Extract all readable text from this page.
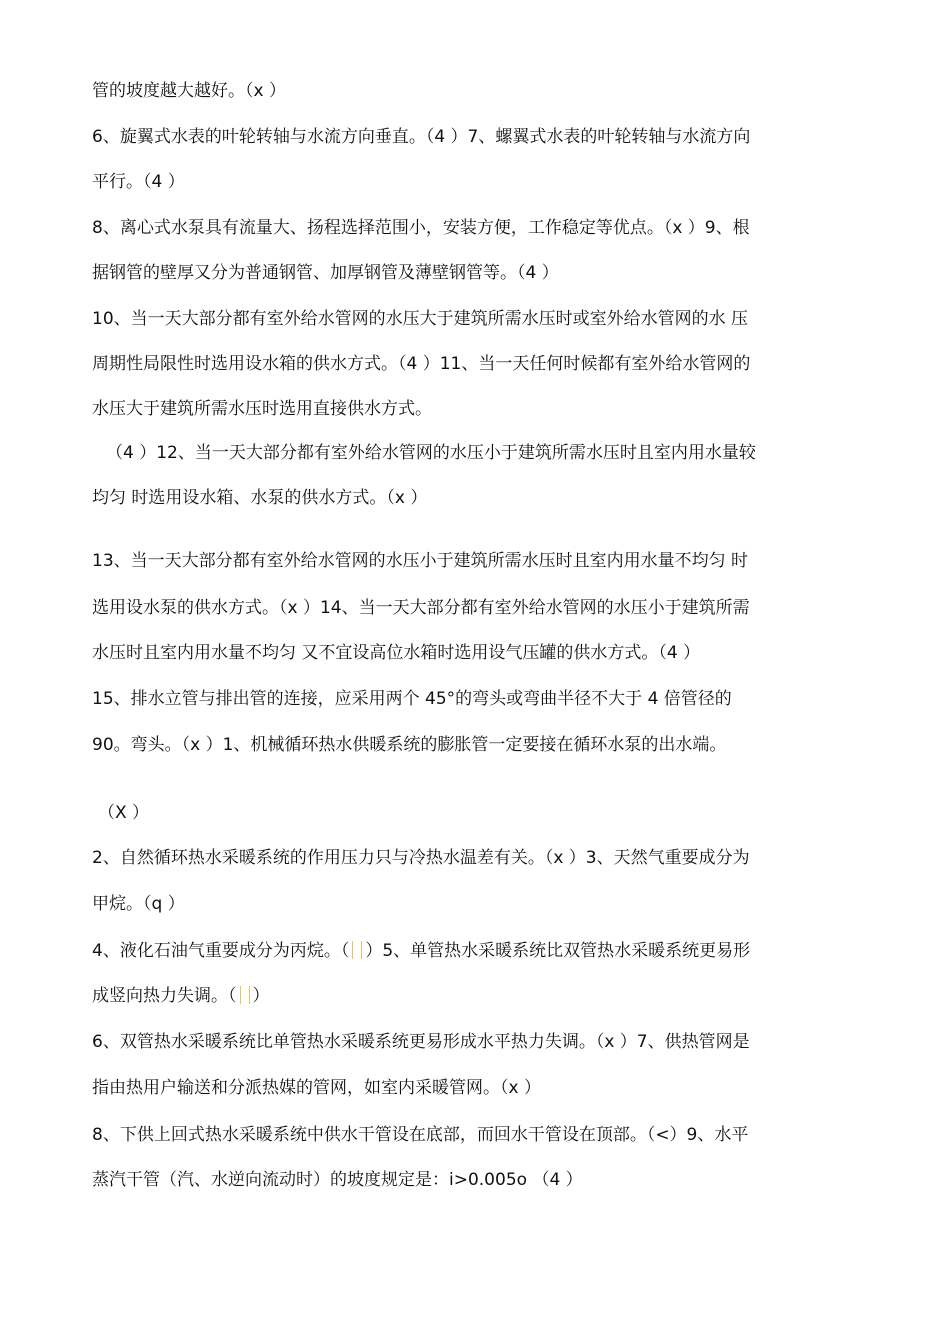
管的坡度越大越好。（x ）
6、旋翼式水表的叶轮转轴与水流方向垂直。（4 ）7、螺翼式水表的叶轮转轴与水流方向
平行。（4 ）
8、离心式水泵具有流量大、扬程选择范围小，安装方便，工作稳定等优点。（x ）9、根
据钢管的壁厚又分为普通钢管、加厚钢管及薄壁钢管等。（4 ）
10、当一天大部分都有室外给水管网的水压大于建筑所需水压时或室外给水管网的水 压
周期性局限性时选用设水箱的供水方式。（4 ）11、当一天任何时候都有室外给水管网的
水压大于建筑所需水压时选用直接供水方式。
（4 ）12、当一天大部分都有室外给水管网的水压小于建筑所需水压时且室内用水量较
均匀 时选用设水箱、水泵的供水方式。（x ）
13、当一天大部分都有室外给水管网的水压小于建筑所需水压时且室内用水量不均匀 时
选用设水泵的供水方式。（x ）14、当一天大部分都有室外给水管网的水压小于建筑所需
水压时且室内用水量不均匀 又不宜设高位水箱时选用设气压罐的供水方式。（4 ）
15、排水立管与排出管的连接，应采用两个 45°的弯头或弯曲半径不大于 4 倍管径的
90。弯头。（x ）1、机械循环热水供暖系统的膨胀管一定要接在循环水泵的出水端。
（X ）
2、自然循环热水采暖系统的作用压力只与冷热水温差有关。（x ）3、天然气重要成分为
甲烷。（q ）
4、液化石油气重要成分为丙烷。（ ）5、单管热水采暖系统比双管热水采暖系统更易形
成竖向热力失调。（ ）
6、双管热水采暖系统比单管热水采暖系统更易形成水平热力失调。（x ）7、供热管网是
指由热用户输送和分派热媒的管网，如室内采暖管网。（x ）
8、下供上回式热水采暖系统中供水干管设在底部，而回水干管设在顶部。（<）9、水平
蒸汽干管（汽、水逆向流动时）的坡度规定是：i>0.005o （4 ）
